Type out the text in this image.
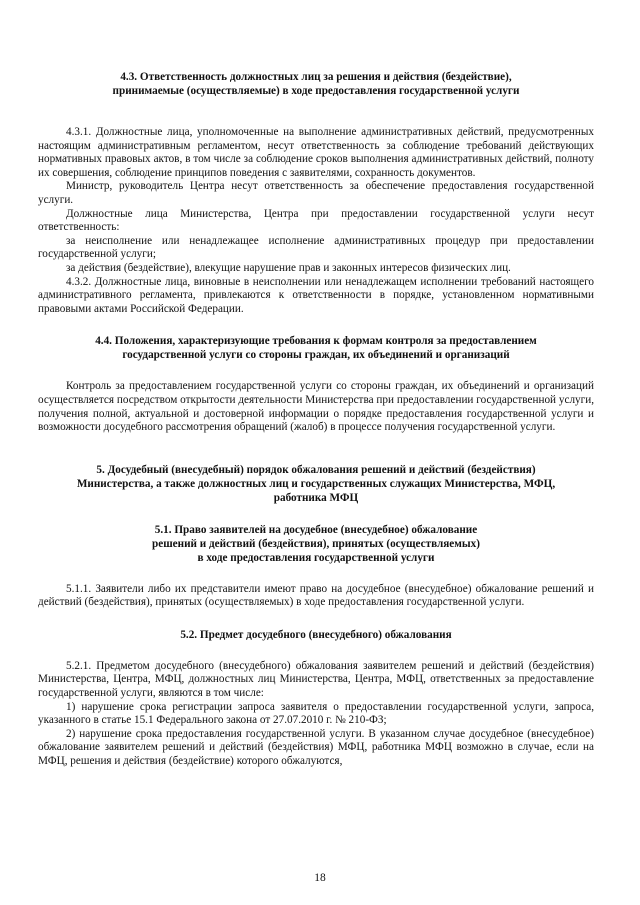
4.3. Ответственность должностных лиц за решения и действия (бездействие),

принимаемые (осуществляемые) в ходе предоставления государственной услуги

4.3.1. Должностные лица, уполномоченные на выполнение административных действий, предусмотренных настоящим административным регламентом, несут ответственность за соблюдение требований действующих нормативных правовых актов, в том числе за соблюдение сроков выполнения административных действий, полноту их совершения, соблюдение принципов поведения с заявителями, сохранность документов.

Министр, руководитель Центра несут ответственность за обеспечение предоставления государственной услуги.

Должностные лица Министерства, Центра при предоставлении государственной услуги несут ответственность:

за неисполнение или ненадлежащее исполнение административных процедур при предоставлении государственной услуги;

за действия (бездействие), влекущие нарушение прав и законных интересов физических лиц.

4.3.2. Должностные лица, виновные в неисполнении или ненадлежащем исполнении требований настоящего административного регламента, привлекаются к ответственности в порядке, установленном нормативными правовыми актами Российской Федерации.

4.4. Положения, характеризующие требования к формам контроля за предоставлением

государственной услуги со стороны граждан, их объединений и организаций

Контроль за предоставлением государственной услуги со стороны граждан, их объединений и организаций осуществляется посредством открытости деятельности Министерства при предоставлении государственной услуги, получения полной, актуальной и достоверной информации о порядке предоставления государственной услуги и возможности досудебного рассмотрения обращений (жалоб) в процессе получения государственной услуги.

5. Досудебный (внесудебный) порядок обжалования решений и действий (бездействия)

Министерства, а также должностных лиц и государственных служащих Министерства, МФЦ,

работника МФЦ

5.1. Право заявителей на досудебное (внесудебное) обжалование

решений и действий (бездействия), принятых (осуществляемых)

в ходе предоставления государственной услуги

5.1.1. Заявители либо их представители имеют право на досудебное (внесудебное) обжалование решений и действий (бездействия), принятых (осуществляемых) в ходе предоставления государственной услуги.

5.2. Предмет досудебного (внесудебного) обжалования

5.2.1. Предметом досудебного (внесудебного) обжалования заявителем решений и действий (бездействия) Министерства, Центра, МФЦ, должностных лиц Министерства, Центра, МФЦ, ответственных за предоставление государственной услуги, являются в том числе:

1) нарушение срока регистрации запроса заявителя о предоставлении государственной услуги, запроса, указанного в статье 15.1 Федерального закона от 27.07.2010 г. № 210-ФЗ;

2) нарушение срока предоставления государственной услуги. В указанном случае досудебное (внесудебное) обжалование заявителем решений и действий (бездействия) МФЦ, работника МФЦ возможно в случае, если на МФЦ, решения и действия (бездействие) которого обжалуются,

18
